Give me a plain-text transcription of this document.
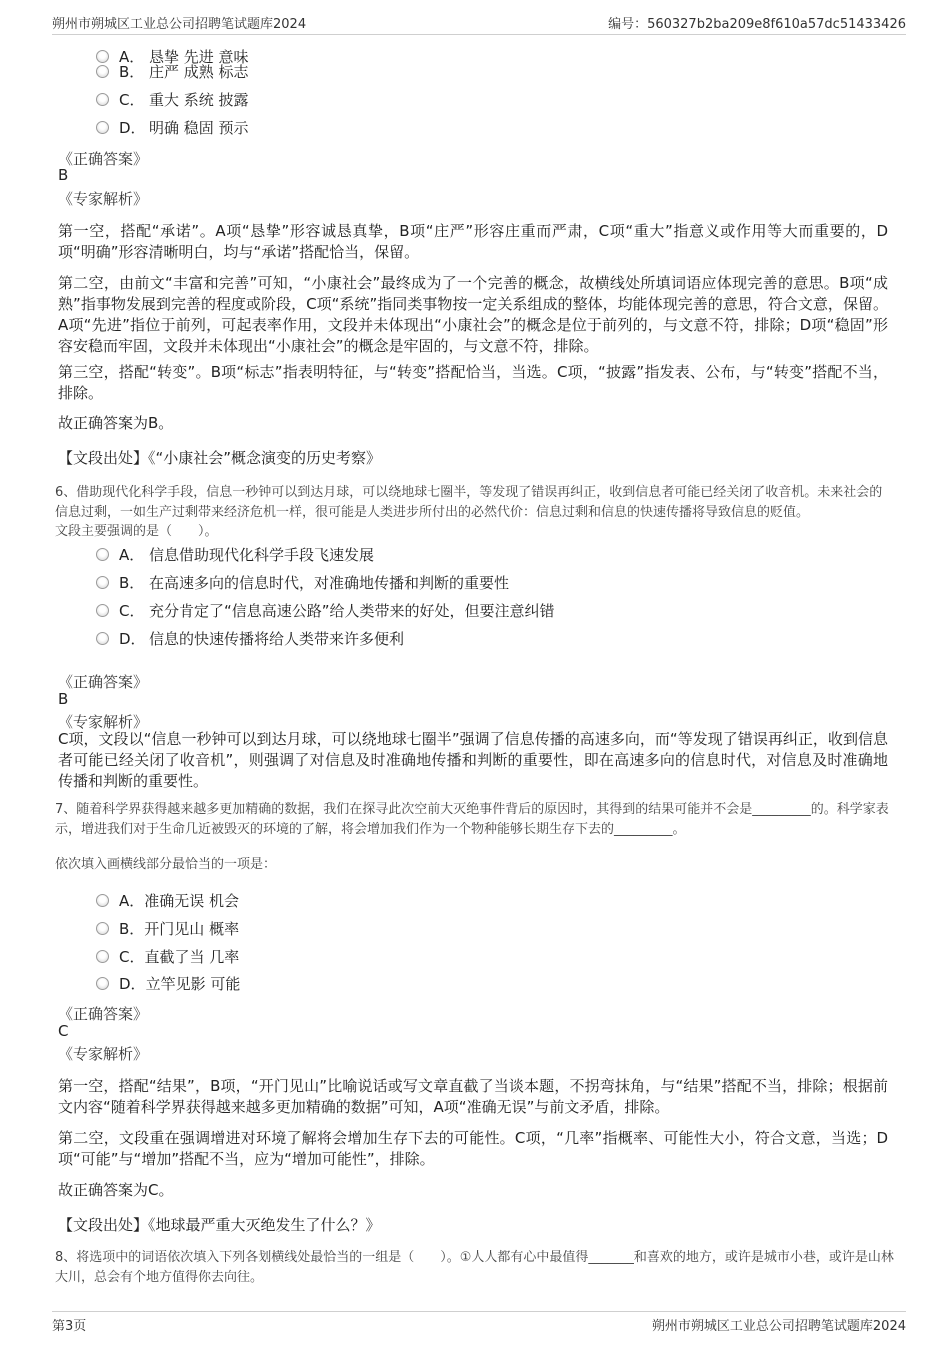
朔州市朔城区工业总公司招聘笔试题库2024	编号：560327b2ba209e8f610a57dc51433426
A． 恳挚 先进 意味
B． 庄严 成熟 标志
C． 重大 系统 披露
D． 明确 稳固 预示
《正确答案》
B
《专家解析》
第一空，搭配“承诺”。A项“恳挚”形容诚恳真挚，B项“庄严”形容庄重而严肃，C项“重大”指意义或作用等大而重要的，D项“明确”形容清晰明白，均与“承诺”搭配恰当，保留。
第二空，由前文“丰富和完善”可知，“小康社会”最终成为了一个完善的概念，故横线处所填词语应体现完善的意思。B项“成熟”指事物发展到完善的程度或阶段，C项“系统”指同类事物按一定关系组成的整体，均能体现完善的意思，符合文意，保留。A项“先进”指位于前列，可起表率作用，文段并未体现出“小康社会”的概念是位于前列的，与文意不符，排除；D项“稳固”形容安稳而牢固，文段并未体现出“小康社会”的概念是牢固的，与文意不符，排除。
第三空，搭配“转变”。B项“标志”指表明特征，与“转变”搭配恰当，当选。C项，“披露”指发表、公布，与“转变”搭配不当，排除。
故正确答案为B。
【文段出处】《“小康社会”概念演变的历史考察》
6、借助现代化科学手段，信息一秒钟可以到达月球，可以绕地球七圈半，等发现了错误再纠正，收到信息者可能已经关闭了收音机。未来社会的信息过剩，一如生产过剩带来经济危机一样，很可能是人类进步所付出的必然代价：信息过剩和信息的快速传播将导致信息的贬值。
文段主要强调的是（　　）。
A． 信息借助现代化科学手段飞速发展
B． 在高速多向的信息时代，对准确地传播和判断的重要性
C． 充分肯定了“信息高速公路”给人类带来的好处，但要注意纠错
D． 信息的快速传播将给人类带来许多便利
《正确答案》
B
《专家解析》
C项，文段以“信息一秒钟可以到达月球，可以绕地球七圈半”强调了信息传播的高速多向，而“等发现了错误再纠正，收到信息者可能已经关闭了收音机”，则强调了对信息及时准确地传播和判断的重要性，即在高速多向的信息时代，对信息及时准确地传播和判断的重要性。
7、随着科学界获得越来越多更加精确的数据，我们在探寻此次空前大灭绝事件背后的原因时，其得到的结果可能并不会是_________的。科学家表示，增进我们对于生命几近被毁灭的环境的了解，将会增加我们作为一个物种能够长期生存下去的_________。
依次填入画横线部分最恰当的一项是：
A．准确无误 机会
B．开门见山 概率
C．直截了当 几率
D．立竿见影 可能
《正确答案》
C
《专家解析》
第一空，搭配“结果”，B项，“开门见山”比喻说话或写文章直截了当谈本题，不拐弯抹角，与“结果”搭配不当，排除；根据前文内容“随着科学界获得越来越多更加精确的数据”可知，A项“准确无误”与前文矛盾，排除。
第二空，文段重在强调增进对环境了解将会增加生存下去的可能性。C项，“几率”指概率、可能性大小，符合文意，当选；D项“可能”与“增加”搭配不当，应为“增加可能性”，排除。
故正确答案为C。
【文段出处】《地球最严重大灭绝发生了什么？》
8、将选项中的词语依次填入下列各划横线处最恰当的一组是（　　）。①人人都有心中最值得_______和喜欢的地方，或许是城市小巷，或许是山林大川，总会有个地方值得你去向往。
第3页	朔州市朔城区工业总公司招聘笔试题库2024
